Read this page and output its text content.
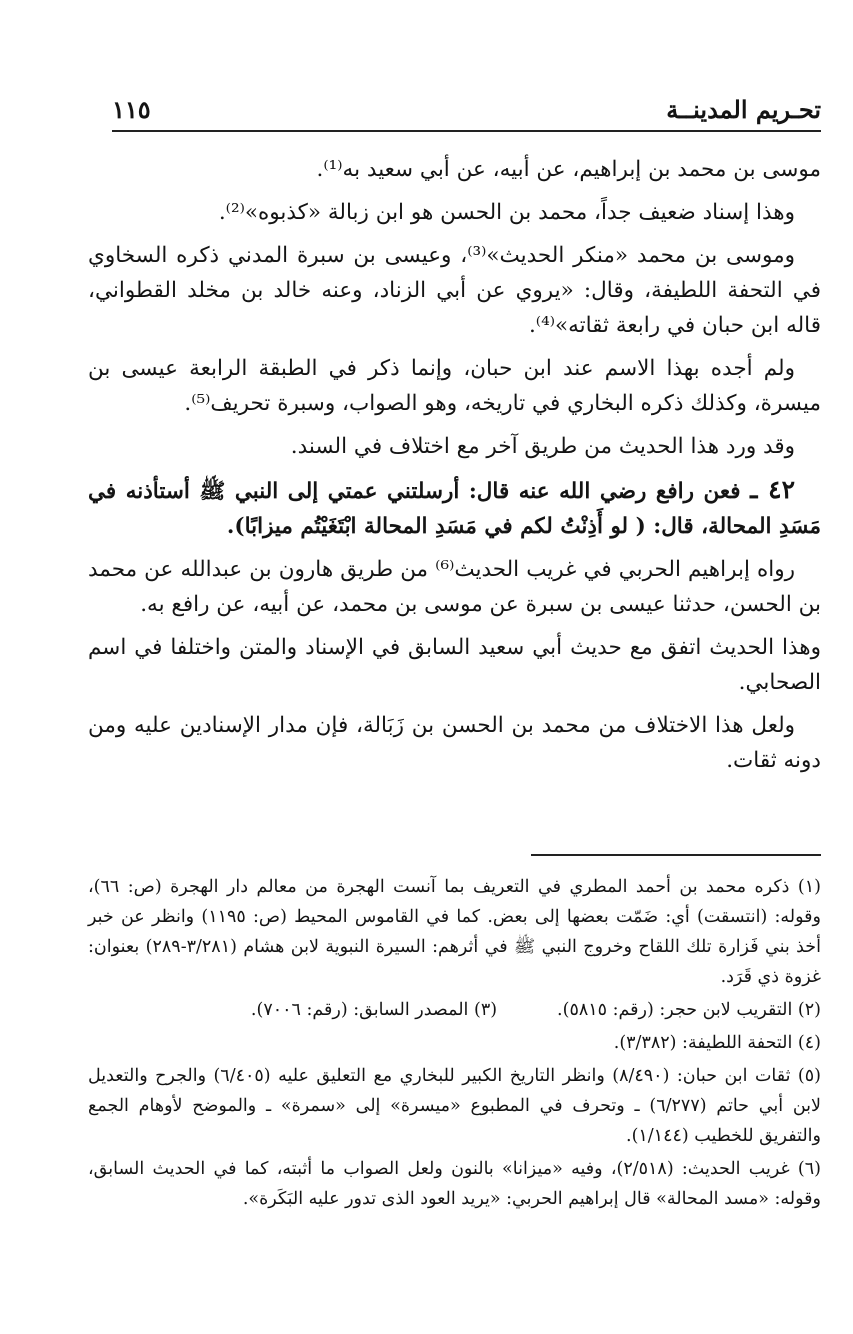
تحـريم المدينــة
١١٥

موسى بن محمد بن إبراهيم، عن أبيه، عن أبي سعيد به⁽¹⁾.

وهذا إسناد ضعيف جداً، محمد بن الحسن هو ابن زبالة «كذبوه»⁽²⁾.

وموسى بن محمد «منكر الحديث»⁽³⁾، وعيسى بن سبرة المدني ذكره السخاوي في التحفة اللطيفة، وقال: «يروي عن أبي الزناد، وعنه خالد بن مخلد القطواني، قاله ابن حبان في رابعة ثقاته»⁽⁴⁾.

ولم أجده بهذا الاسم عند ابن حبان، وإنما ذكر في الطبقة الرابعة عيسى بن ميسرة، وكذلك ذكره البخاري في تاريخه، وهو الصواب، وسبرة تحريف⁽⁵⁾.

وقد ورد هذا الحديث من طريق آخر مع اختلاف في السند.

٤٢ ـ فعن رافع رضي الله عنه قال: أرسلتني عمتي إلى النبي ﷺ أستأذنه في مَسَدِ المحالة، قال: ( لو أَذِنْتُ لكم في مَسَدِ المحالة ابْتَغَيْتُم ميزابًا).

رواه إبراهيم الحربي في غريب الحديث⁽⁶⁾ من طريق هارون بن عبدالله عن محمد بن الحسن، حدثنا عيسى بن سبرة عن موسى بن محمد، عن أبيه، عن رافع به.

وهذا الحديث اتفق مع حديث أبي سعيد السابق في الإسناد والمتن واختلفا في اسم الصحابي.

ولعل هذا الاختلاف من محمد بن الحسن بن زَبَالة، فإن مدار الإسنادين عليه ومن دونه ثقات.

(١) ذكره محمد بن أحمد المطري في التعريف بما آنست الهجرة من معالم دار الهجرة (ص: ٦٦)، وقوله: (انتسقت) أي: ضَمّت بعضها إلى بعض. كما في القاموس المحيط (ص: ١١٩٥) وانظر عن خبر أخذ بني فَزارة تلك اللقاح وخروج النبي ﷺ في أثرهم: السيرة النبوية لابن هشام (٣/٢٨١-٢٨٩) بعنوان: غزوة ذي قَرَد.

(٢) التقريب لابن حجر: (رقم: ٥٨١٥).
(٣) المصدر السابق: (رقم: ٧٠٠٦).

(٤) التحفة اللطيفة: (٣/٣٨٢).

(٥) ثقات ابن حبان: (٨/٤٩٠) وانظر التاريخ الكبير للبخاري مع التعليق عليه (٦/٤٠٥) والجرح والتعديل لابن أبي حاتم (٦/٢٧٧) ـ وتحرف في المطبوع «ميسرة» إلى «سمرة» ـ والموضح لأوهام الجمع والتفريق للخطيب (١/١٤٤).

(٦) غريب الحديث: (٢/٥١٨)، وفيه «ميزانا» بالنون ولعل الصواب ما أثبته، كما في الحديث السابق، وقوله: «مسد المحالة» قال إبراهيم الحربي: «يريد العود الذى تدور عليه البَكَرة».
